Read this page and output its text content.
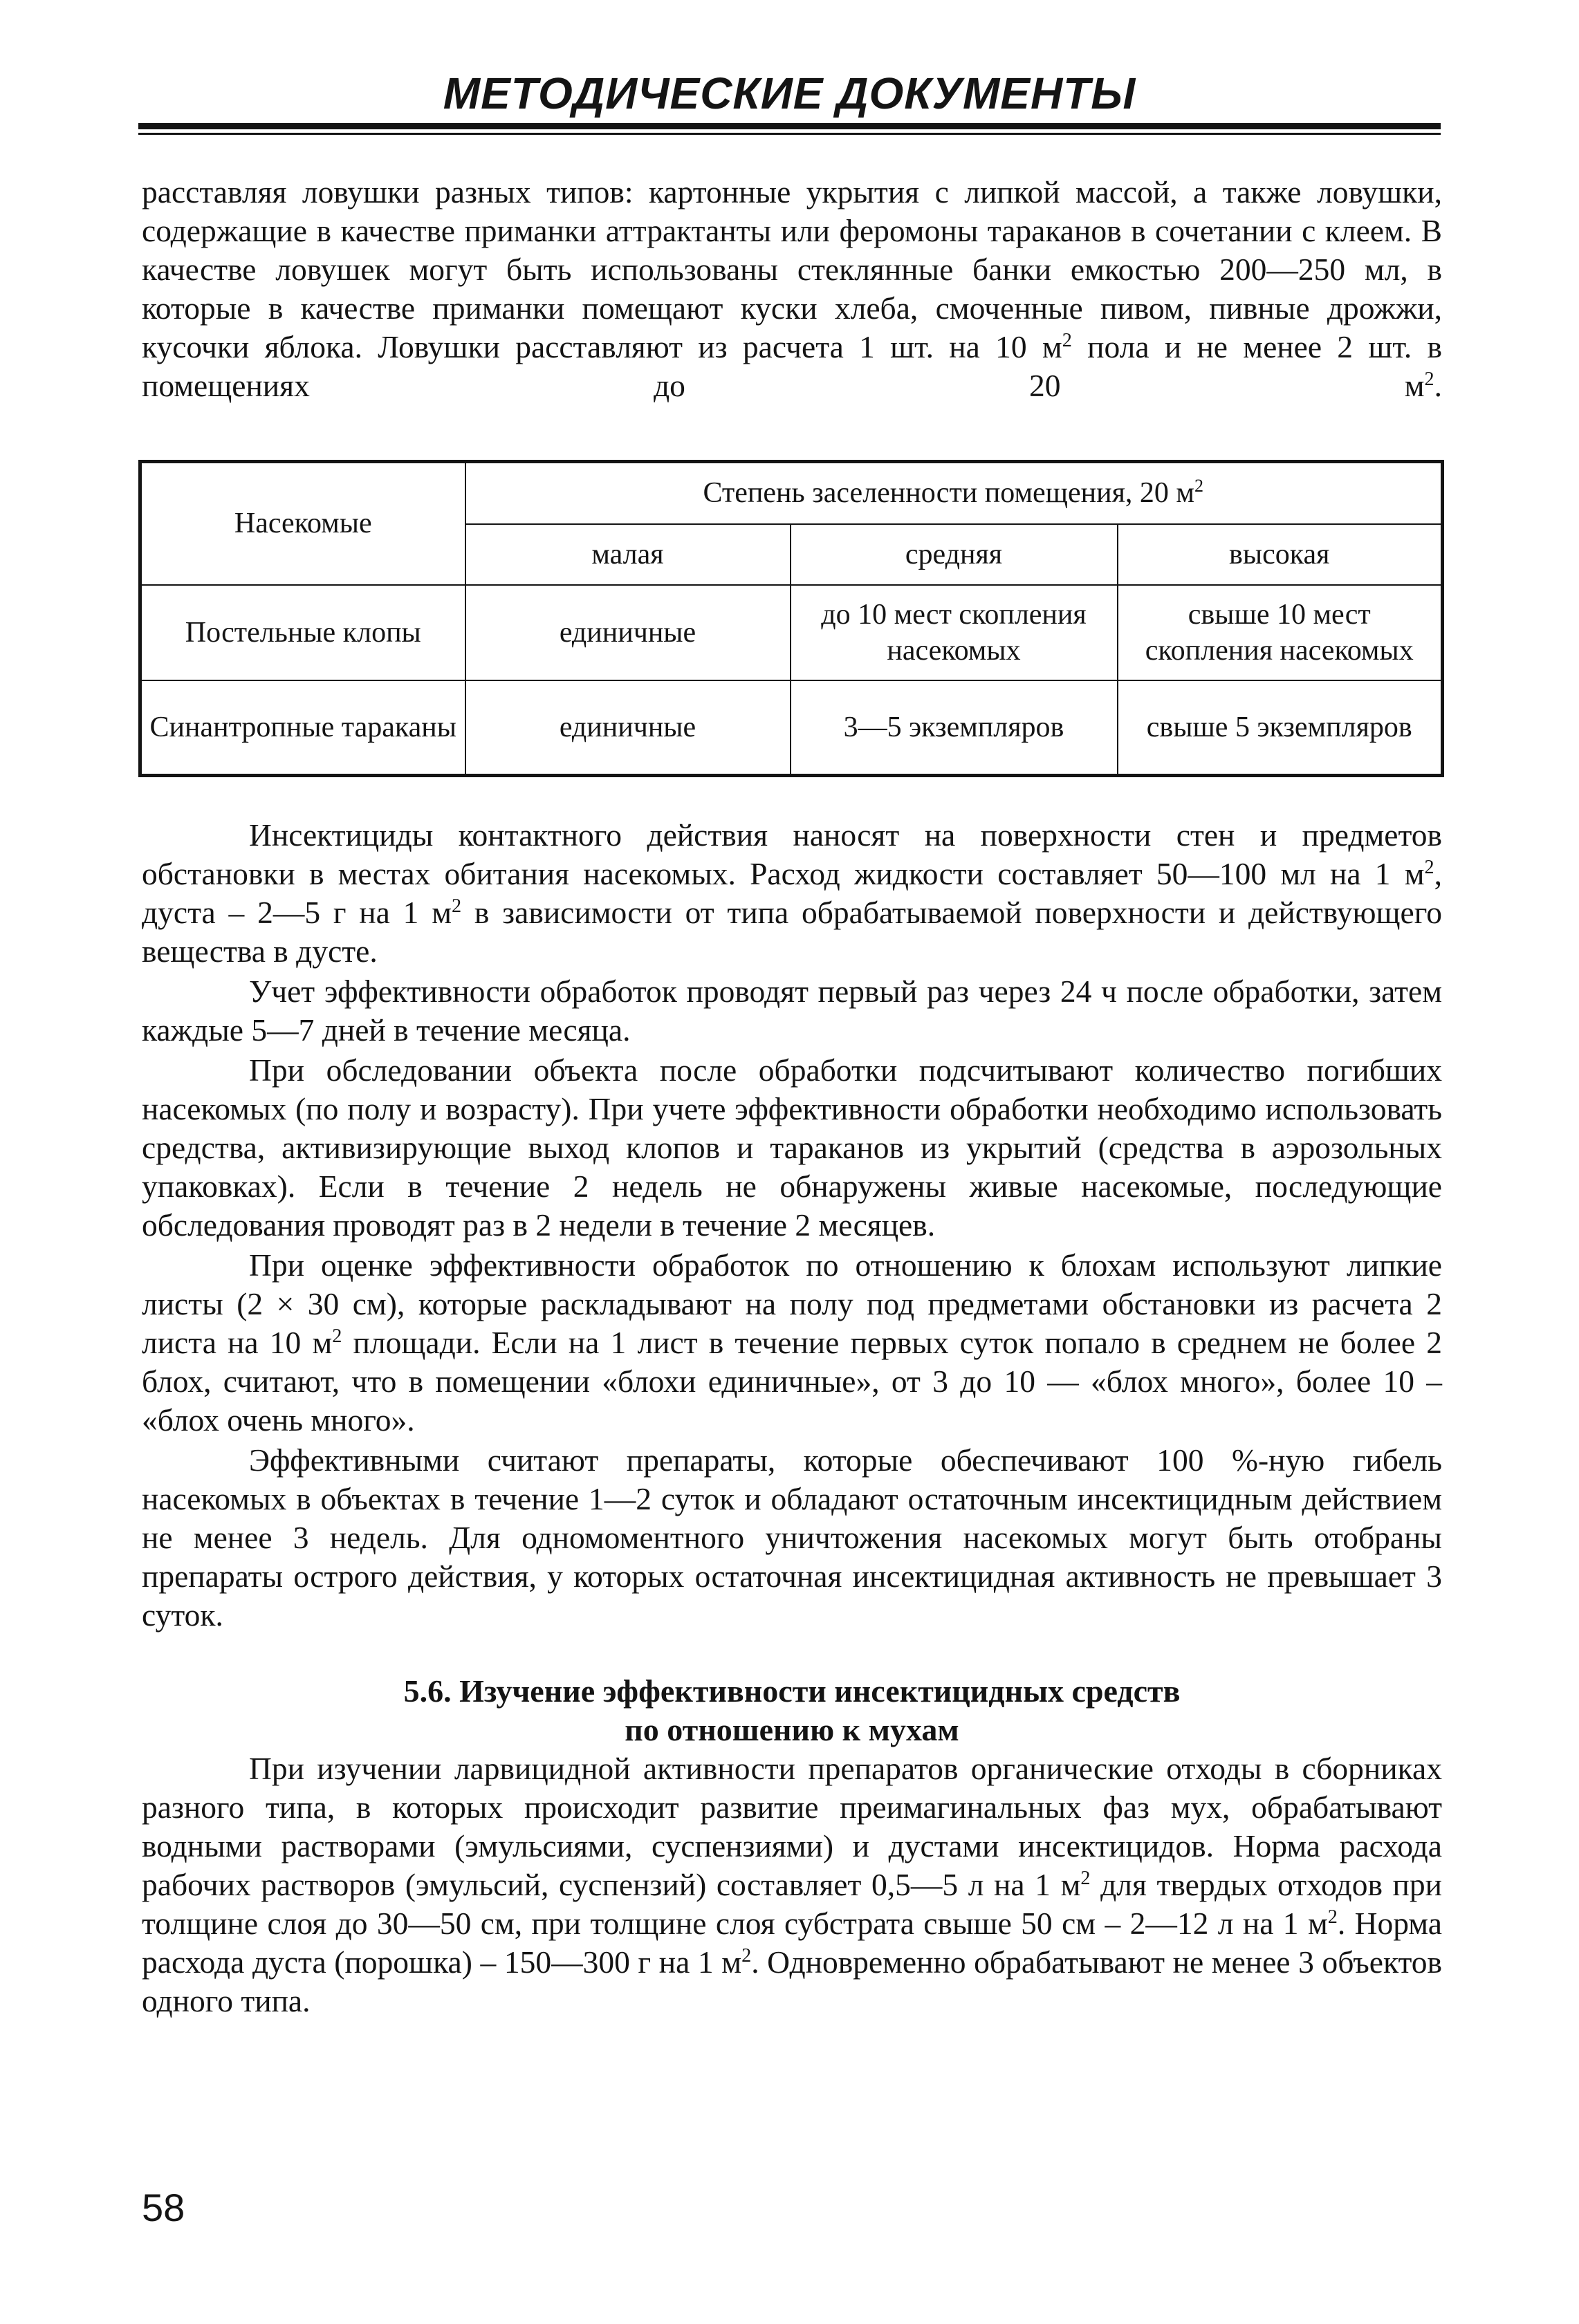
МЕТОДИЧЕСКИЕ ДОКУМЕНТЫ

расставляя ловушки разных типов: картонные укрытия с липкой массой, а также ловушки, содержащие в качестве приманки аттрактанты или феромоны тараканов в сочетании с клеем. В качестве ловушек могут быть использованы стеклянные банки емкостью 200—250 мл, в которые в качестве приманки помещают куски хлеба, смоченные пивом, пивные дрожжи, кусочки яблока. Ловушки расставляют из расчета 1 шт. на 10 $м^2$ пола и не менее 2 шт. в помещениях до 20 $м^2$.

Насекомые	Степень заселенности помещения, 20 $м^2$
	малая	средняя	высокая
Постельные клопы	единичные	до 10 мест скопления насекомых	свыше 10 мест скопления насекомых
Синантропные тараканы	единичные	3—5 экземпляров	свыше 5 экземпляров

Инсектициды контактного действия наносят на поверхности стен и предметов обстановки в местах обитания насекомых. Расход жидкости составляет 50—100 мл на 1 $м^2$, дуста – 2—5 г на 1 $м^2$ в зависимости от типа обрабатываемой поверхности и действующего вещества в дусте.

Учет эффективности обработок проводят первый раз через 24 ч после обработки, затем каждые 5—7 дней в течение месяца.

При обследовании объекта после обработки подсчитывают количество погибших насекомых (по полу и возрасту). При учете эффективности обработки необходимо использовать средства, активизирующие выход клопов и тараканов из укрытий (средства в аэрозольных упаковках). Если в течение 2 недель не обнаружены живые насекомые, последующие обследования проводят раз в 2 недели в течение 2 месяцев.

При оценке эффективности обработок по отношению к блохам используют липкие листы (2 × 30 см), которые раскладывают на полу под предметами обстановки из расчета 2 листа на 10 $м^2$ площади. Если на 1 лист в течение первых суток попало в среднем не более 2 блох, считают, что в помещении «блохи единичные», от 3 до 10 — «блох много», более 10 – «блох очень много».

Эффективными считают препараты, которые обеспечивают 100 %-ную гибель насекомых в объектах в течение 1—2 суток и обладают остаточным инсектицидным действием не менее 3 недель. Для одномоментного уничтожения насекомых могут быть отобраны препараты острого действия, у которых остаточная инсектицидная активность не превышает 3 суток.

5.6. Изучение эффективности инсектицидных средств
по отношению к мухам

При изучении ларвицидной активности препаратов органические отходы в сборниках разного типа, в которых происходит развитие преимагинальных фаз мух, обрабатывают водными растворами (эмульсиями, суспензиями) и дустами инсектицидов. Норма расхода рабочих растворов (эмульсий, суспензий) составляет 0,5—5 л на 1 $м^2$ для твердых отходов при толщине слоя до 30—50 см, при толщине слоя субстрата свыше 50 см – 2—12 л на 1 $м^2$. Норма расхода дуста (порошка) – 150—300 г на 1 $м^2$. Одновременно обрабатывают не менее 3 объектов одного типа.

58
